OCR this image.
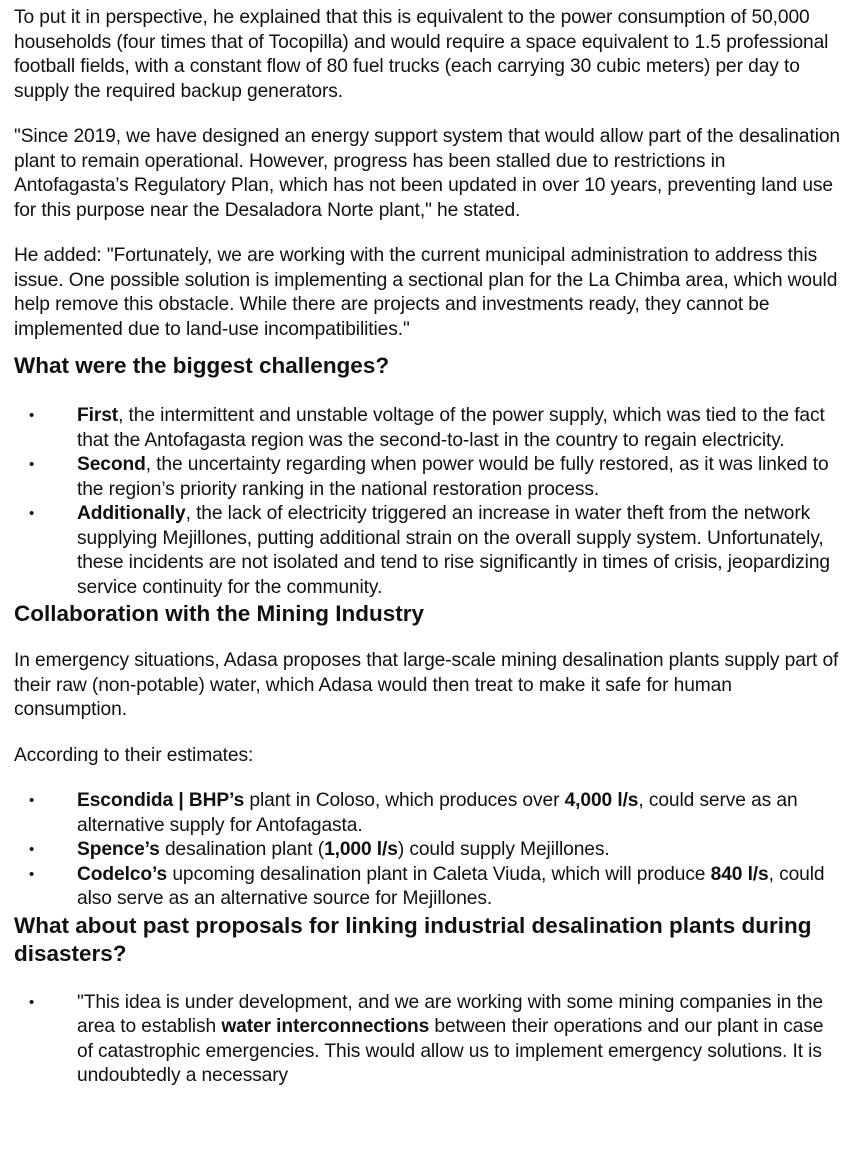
To put it in perspective, he explained that this is equivalent to the power consumption of 50,000 households (four times that of Tocopilla) and would require a space equivalent to 1.5 professional football fields, with a constant flow of 80 fuel trucks (each carrying 30 cubic meters) per day to supply the required backup generators.

"Since 2019, we have designed an energy support system that would allow part of the desalination plant to remain operational. However, progress has been stalled due to restrictions in Antofagasta’s Regulatory Plan, which has not been updated in over 10 years, preventing land use for this purpose near the Desaladora Norte plant," he stated.

He added: "Fortunately, we are working with the current municipal administration to address this issue. One possible solution is implementing a sectional plan for the La Chimba area, which would help remove this obstacle. While there are projects and investments ready, they cannot be implemented due to land-use incompatibilities."

What were the biggest challenges?
• First, the intermittent and unstable voltage of the power supply, which was tied to the fact that the Antofagasta region was the second-to-last in the country to regain electricity.
• Second, the uncertainty regarding when power would be fully restored, as it was linked to the region’s priority ranking in the national restoration process.
• Additionally, the lack of electricity triggered an increase in water theft from the network supplying Mejillones, putting additional strain on the overall supply system. Unfortunately, these incidents are not isolated and tend to rise significantly in times of crisis, jeopardizing service continuity for the community.
Collaboration with the Mining Industry

In emergency situations, Adasa proposes that large-scale mining desalination plants supply part of their raw (non-potable) water, which Adasa would then treat to make it safe for human consumption.

According to their estimates:

• Escondida | BHP’s plant in Coloso, which produces over 4,000 l/s, could serve as an alternative supply for Antofagasta.
• Spence’s desalination plant (1,000 l/s) could supply Mejillones.
• Codelco’s upcoming desalination plant in Caleta Viuda, which will produce 840 l/s, could also serve as an alternative source for Mejillones.
What about past proposals for linking industrial desalination plants during disasters?
• "This idea is under development, and we are working with some mining companies in the area to establish water interconnections between their operations and our plant in case of catastrophic emergencies. This would allow us to implement emergency solutions. It is undoubtedly a necessary
